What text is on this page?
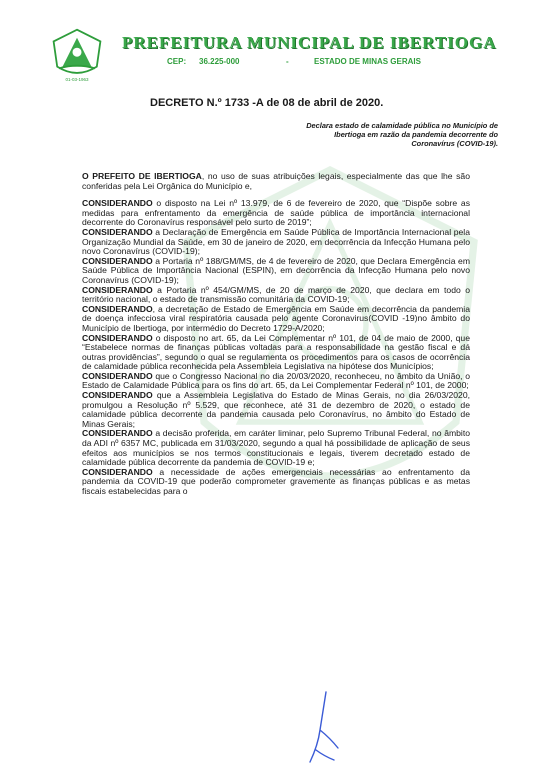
01-03-1963
PREFEITURA MUNICIPAL DE IBERTIOGA
CEP: 36.225-000	-	ESTADO DE MINAS GERAIS
DECRETO N.º 1733 -A de 08 de abril de 2020.
Declara estado de calamidade pública no Município de Ibertioga em razão da pandemia decorrente do Coronavírus (COVID-19).

O PREFEITO DE IBERTIOGA, no uso de suas atribuições legais, especialmente das que lhe são conferidas pela Lei Orgânica do Município e,

CONSIDERANDO o disposto na Lei nº 13.979, de 6 de fevereiro de 2020, que “Dispõe sobre as medidas para enfrentamento da emergência de saúde pública de importância internacional decorrente do Coronavírus responsável pelo surto de 2019”;

CONSIDERANDO a Declaração de Emergência em Saúde Pública de Importância Internacional pela Organização Mundial da Saúde, em 30 de janeiro de 2020, em decorrência da Infecção Humana pelo novo Coronavírus (COVID-19);

CONSIDERANDO a Portaria nº 188/GM/MS, de 4 de fevereiro de 2020, que Declara Emergência em Saúde Pública de Importância Nacional (ESPIN), em decorrência da Infecção Humana pelo novo Coronavírus (COVID-19);

CONSIDERANDO a Portaria nº 454/GM/MS, de 20 de março de 2020, que declara em todo o território nacional, o estado de transmissão comunitária da COVID-19;

CONSIDERANDO, a decretação de Estado de Emergência em Saúde em decorrência da pandemia de doença infecciosa viral respiratória causada pelo agente Coronavirus(COVID -19)no âmbito do Município de Ibertioga, por intermédio do Decreto 1729-A/2020;

CONSIDERANDO o disposto no art. 65, da Lei Complementar nº 101, de 04 de maio de 2000, que “Estabelece normas de finanças públicas voltadas para a responsabilidade na gestão fiscal e dá outras providências”, segundo o qual se regulamenta os procedimentos para os casos de ocorrência de calamidade pública reconhecida pela Assembleia Legislativa na hipótese dos Municípios;

CONSIDERANDO que o Congresso Nacional no dia 20/03/2020, reconheceu, no âmbito da União, o Estado de Calamidade Pública para os fins do art. 65, da Lei Complementar Federal nº 101, de 2000;

CONSIDERANDO que a Assembleia Legislativa do Estado de Minas Gerais, no dia 26/03/2020, promulgou a Resolução nº 5.529, que reconhece, até 31 de dezembro de 2020, o estado de calamidade pública decorrente da pandemia causada pelo Coronavírus, no âmbito do Estado de Minas Gerais;

CONSIDERANDO a decisão proferida, em caráter liminar, pelo Supremo Tribunal Federal, no âmbito da ADI nº 6357 MC, publicada em 31/03/2020, segundo a qual há possibilidade de aplicação de seus efeitos aos municípios se nos termos constitucionais e legais, tiverem decretado estado de calamidade pública decorrente da pandemia de COVID-19 e;

CONSIDERANDO a necessidade de ações emergenciais necessárias ao enfrentamento da pandemia da COVID-19 que poderão comprometer gravemente as finanças públicas e as metas fiscais estabelecidas para o
